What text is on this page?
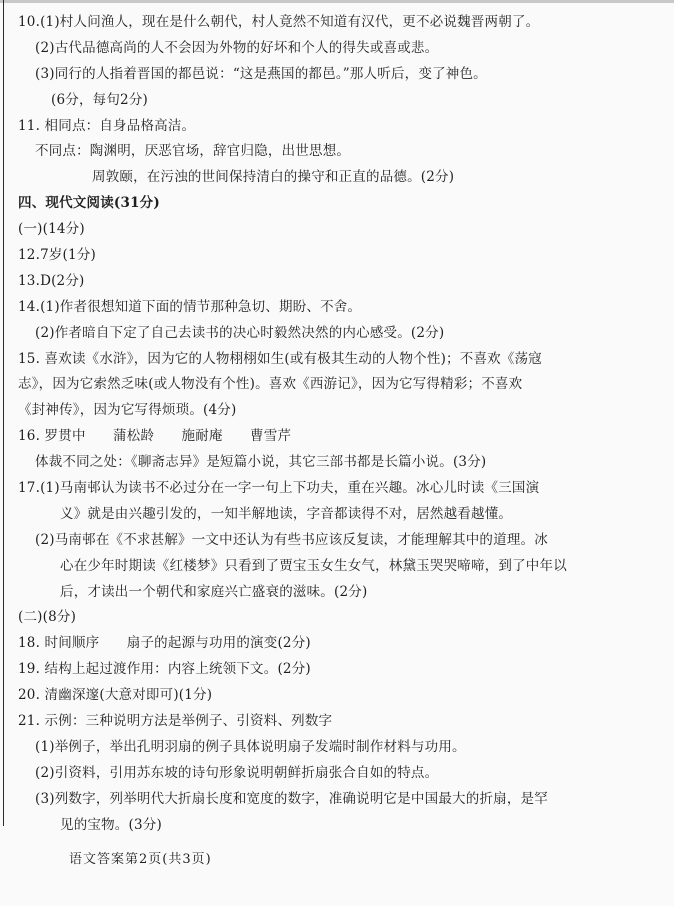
10.(1)村人问渔人，现在是什么朝代，村人竟然不知道有汉代，更不必说魏晋两朝了。
(2)古代品德高尚的人不会因为外物的好坏和个人的得失或喜或悲。
(3)同行的人指着晋国的都邑说：“这是燕国的都邑。”那人听后，变了神色。
(6分，每句2分)
11. 相同点：自身品格高洁。
不同点：陶渊明，厌恶官场，辞官归隐，出世思想。
周敦颐，在污浊的世间保持清白的操守和正直的品德。(2分)
四、现代文阅读(31分)
(一)(14分)
12.7岁(1分)
13.D(2分)
14.(1)作者很想知道下面的情节那种急切、期盼、不舍。
(2)作者暗自下定了自己去读书的决心时毅然决然的内心感受。(2分)
15. 喜欢读《水浒》，因为它的人物栩栩如生(或有极其生动的人物个性)；不喜欢《荡寇
志》，因为它索然乏味(或人物没有个性)。喜欢《西游记》，因为它写得精彩；不喜欢
《封神传》，因为它写得烦琐。(4分)
16. 罗贯中　　蒲松龄　　施耐庵　　曹雪芹
体裁不同之处：《聊斋志异》是短篇小说，其它三部书都是长篇小说。(3分)
17.(1)马南邨认为读书不必过分在一字一句上下功夫，重在兴趣。冰心儿时读《三国演
义》就是由兴趣引发的，一知半解地读，字音都读得不对，居然越看越懂。
(2)马南邨在《不求甚解》一文中还认为有些书应该反复读，才能理解其中的道理。冰
心在少年时期读《红楼梦》只看到了贾宝玉女生女气，林黛玉哭哭啼啼，到了中年以
后，才读出一个朝代和家庭兴亡盛衰的滋味。(2分)
(二)(8分)
18. 时间顺序　　扇子的起源与功用的演变(2分)
19. 结构上起过渡作用：内容上统领下文。(2分)
20. 清幽深邃(大意对即可)(1分)
21. 示例：三种说明方法是举例子、引资料、列数字
(1)举例子，举出孔明羽扇的例子具体说明扇子发端时制作材料与功用。
(2)引资料，引用苏东坡的诗句形象说明朝鲜折扇张合自如的特点。
(3)列数字，列举明代大折扇长度和宽度的数字，准确说明它是中国最大的折扇，是罕
见的宝物。(3分)
语文答案第2页(共3页)
